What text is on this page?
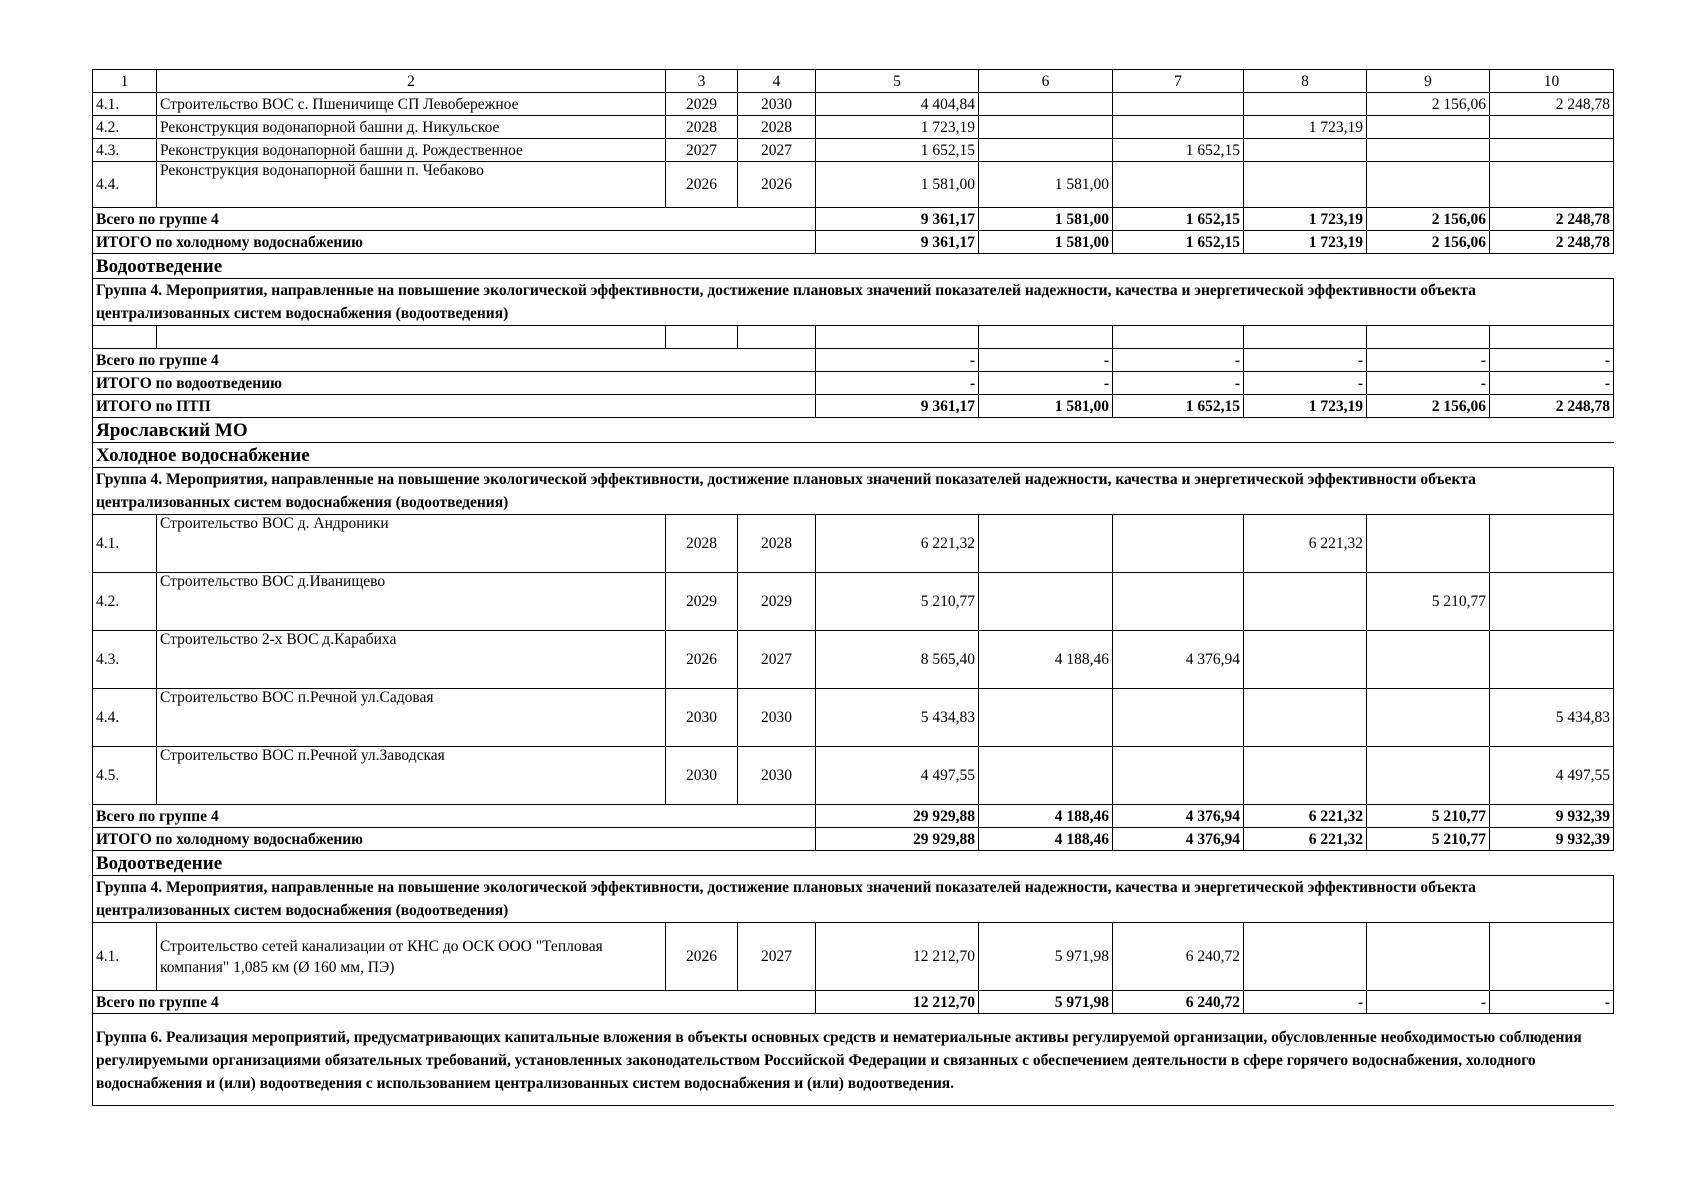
1	2	3	4	5	6	7	8	9	10
4.1.	Строительство ВОС с. Пшеничище СП Левобережное	2029	2030	4 404,84				2 156,06	2 248,78
4.2.	Реконструкция водонапорной башни д. Никульское	2028	2028	1 723,19			1 723,19		
4.3.	Реконструкция водонапорной башни д. Рождественное	2027	2027	1 652,15		1 652,15			
4.4.	Реконструкция водонапорной башни п. Чебаково	2026	2026	1 581,00	1 581,00				
Всего по группе 4				9 361,17	1 581,00	1 652,15	1 723,19	2 156,06	2 248,78
ИТОГО по холодному водоснабжению				9 361,17	1 581,00	1 652,15	1 723,19	2 156,06	2 248,78
Водоотведение									
Группа 4. Мероприятия, направленные на повышение экологической эффективности, достижение плановых значений показателей надежности, качества и энергетической эффективности объекта централизованных систем водоснабжения (водоотведения)									

Всего по группе 4				-	-	-	-	-	-
ИТОГО по водоотведению				-	-	-	-	-	-
ИТОГО по ПТП				9 361,17	1 581,00	1 652,15	1 723,19	2 156,06	2 248,78
Ярославский МО									
Холодное водоснабжение									
Группа 4. Мероприятия, направленные на повышение экологической эффективности, достижение плановых значений показателей надежности, качества и энергетической эффективности объекта централизованных систем водоснабжения (водоотведения)									
4.1.	Строительство ВОС д. Андроники	2028	2028	6 221,32			6 221,32		
4.2.	Строительство ВОС д.Иванищево	2029	2029	5 210,77				5 210,77	
4.3.	Строительство 2-х ВОС д.Карабиха	2026	2027	8 565,40	4 188,46	4 376,94			
4.4.	Строительство ВОС п.Речной ул.Садовая	2030	2030	5 434,83					5 434,83
4.5.	Строительство ВОС п.Речной ул.Заводская	2030	2030	4 497,55					4 497,55
Всего по группе 4				29 929,88	4 188,46	4 376,94	6 221,32	5 210,77	9 932,39
ИТОГО по холодному водоснабжению				29 929,88	4 188,46	4 376,94	6 221,32	5 210,77	9 932,39
Водоотведение									
Группа 4. Мероприятия, направленные на повышение экологической эффективности, достижение плановых значений показателей надежности, качества и энергетической эффективности объекта централизованных систем водоснабжения (водоотведения)									
4.1.	Строительство сетей канализации от КНС до ОСК ООО "Тепловая компания" 1,085 км (Ø 160 мм, ПЭ)	2026	2027	12 212,70	5 971,98	6 240,72			
Всего по группе 4				12 212,70	5 971,98	6 240,72	-	-	-
Группа 6. Реализация мероприятий, предусматривающих капитальные вложения в объекты основных средств и нематериальные активы регулируемой организации, обусловленные необходимостью соблюдения регулируемыми организациями обязательных требований, установленных законодательством Российской Федерации и связанных с обеспечением деятельности в сфере горячего водоснабжения, холодного водоснабжения и (или) водоотведения с использованием централизованных систем водоснабжения и (или) водоотведения.									
